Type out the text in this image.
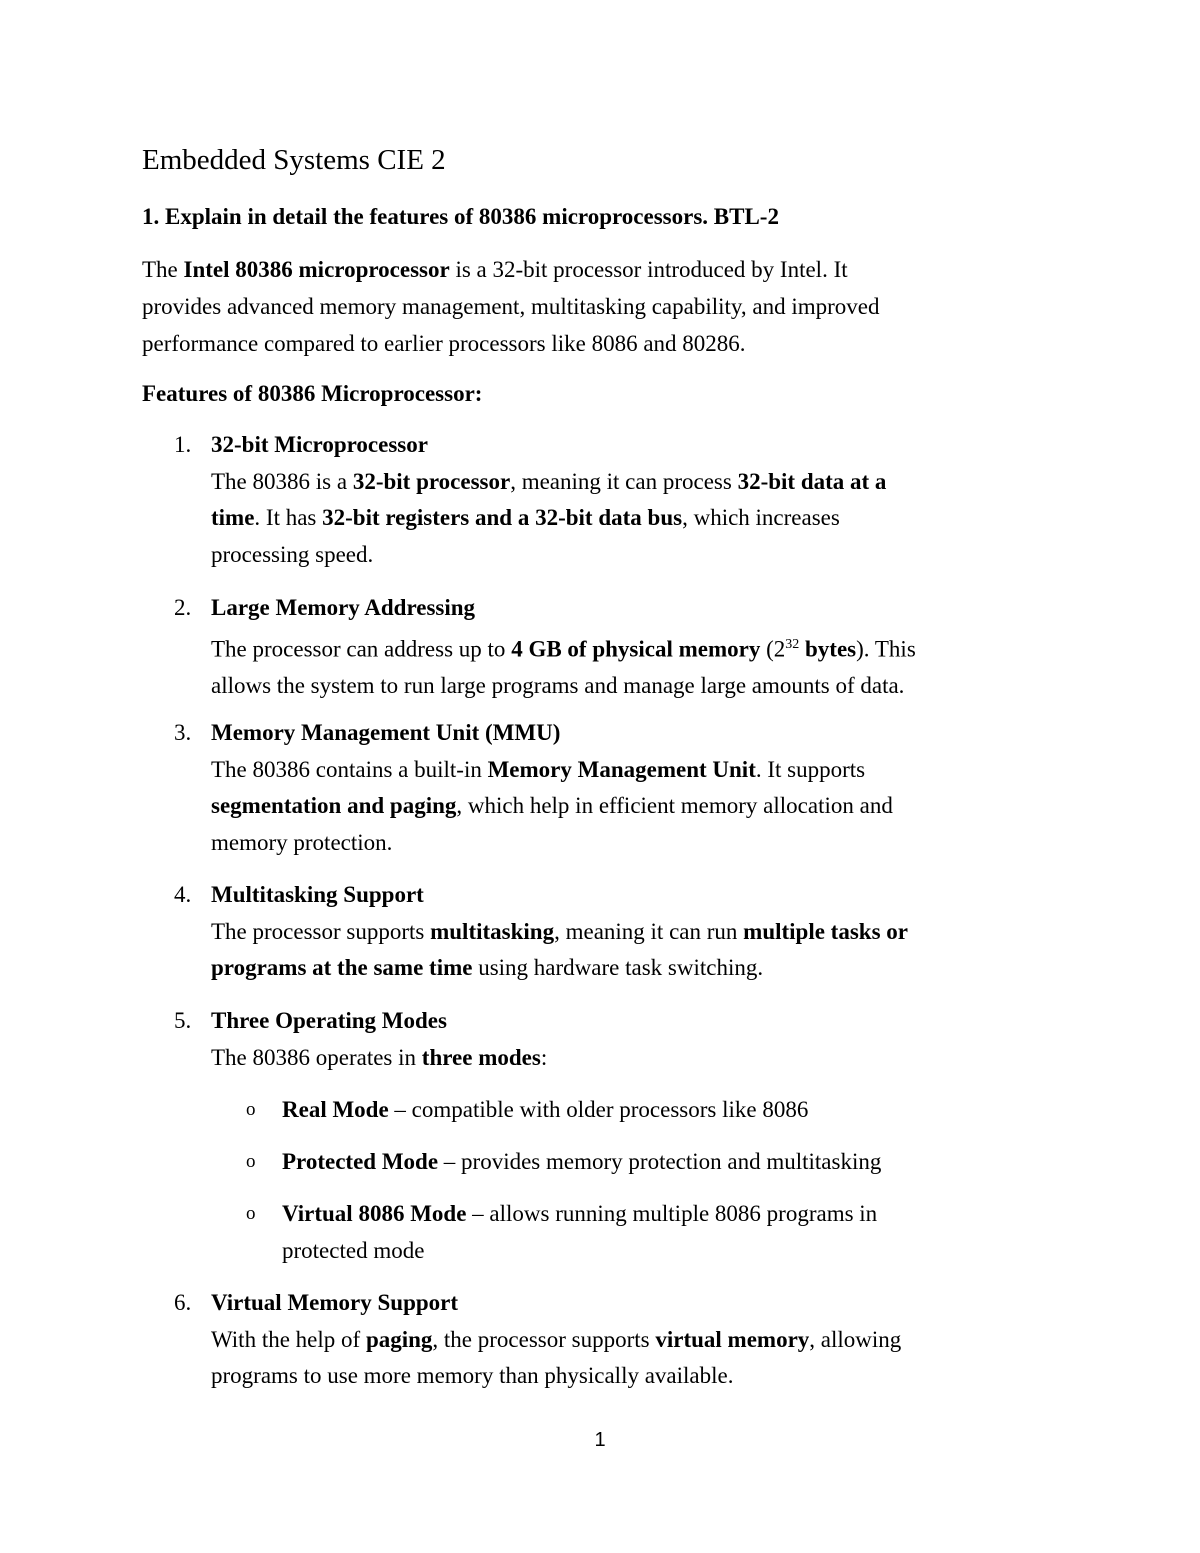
Embedded Systems CIE 2
1. Explain in detail the features of 80386 microprocessors. BTL-2

The Intel 80386 microprocessor is a 32-bit processor introduced by Intel. It

provides advanced memory management, multitasking capability, and improved

performance compared to earlier processors like 8086 and 80286.

Features of 80386 Microprocessor:
1. 32-bit Microprocessor
The 80386 is a 32-bit processor, meaning it can process 32-bit data at a
time. It has 32-bit registers and a 32-bit data bus, which increases
processing speed.
2. Large Memory Addressing
The processor can address up to 4 GB of physical memory ($2^{32}$ bytes). This
allows the system to run large programs and manage large amounts of data.
3. Memory Management Unit (MMU)
The 80386 contains a built-in Memory Management Unit. It supports
segmentation and paging, which help in efficient memory allocation and
memory protection.
4. Multitasking Support
The processor supports multitasking, meaning it can run multiple tasks or
programs at the same time using hardware task switching.
5. Three Operating Modes
The 80386 operates in three modes:
o Real Mode – compatible with older processors like 8086
o Protected Mode – provides memory protection and multitasking
o Virtual 8086 Mode – allows running multiple 8086 programs in
protected mode
6. Virtual Memory Support
With the help of paging, the processor supports virtual memory, allowing
programs to use more memory than physically available.
1
